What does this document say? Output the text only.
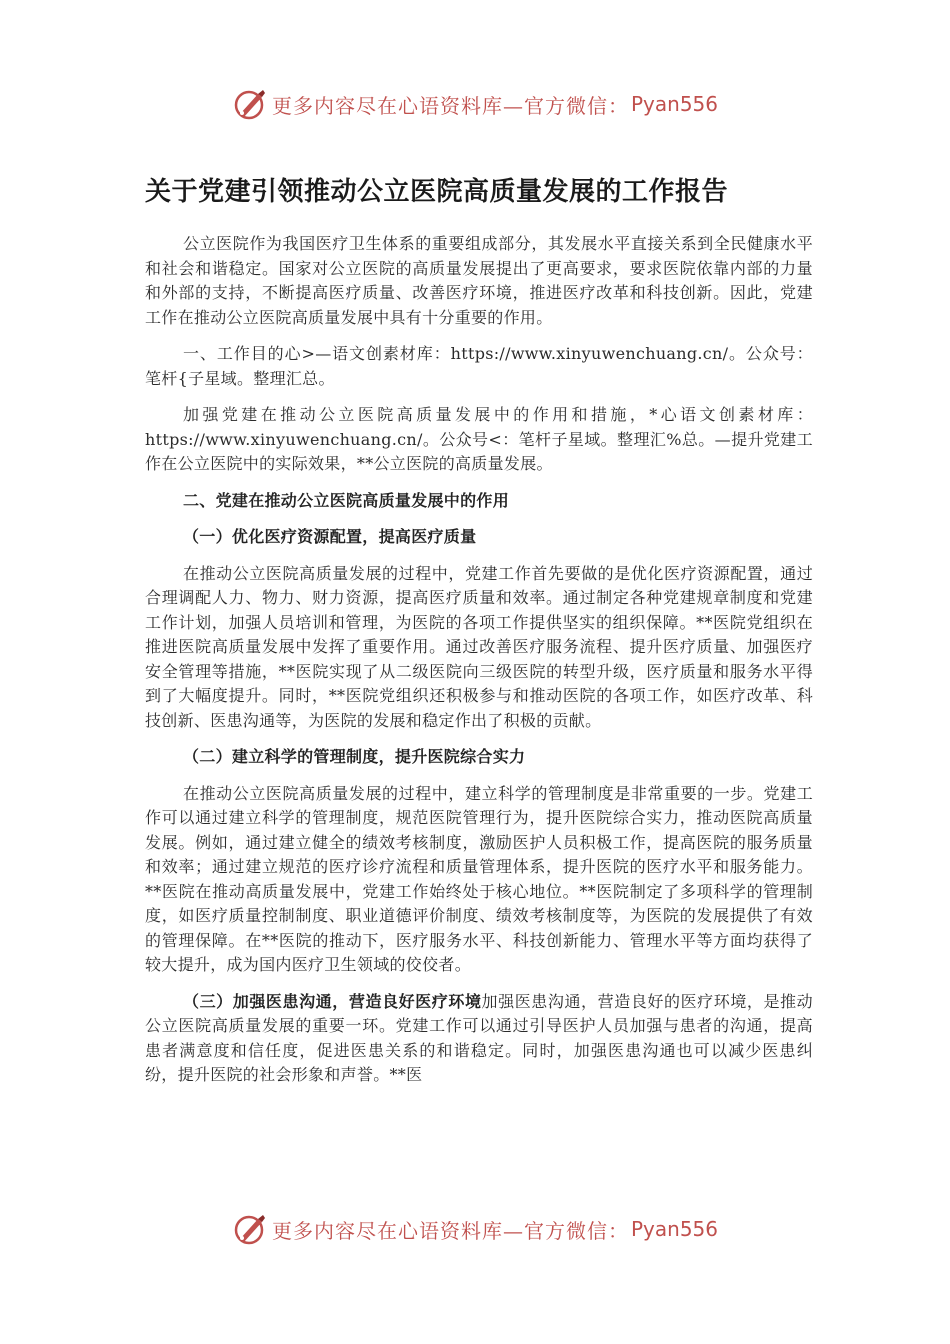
更多内容尽在心语资料库—官方微信： Pyan556
关于党建引领推动公立医院高质量发展的工作报告

公立医院作为我国医疗卫生体系的重要组成部分，其发展水平直接关系到全民健康水平和社会和谐稳定。国家对公立医院的高质量发展提出了更高要求，要求医院依靠内部的力量和外部的支持，不断提高医疗质量、改善医疗环境，推进医疗改革和科技创新。因此，党建工作在推动公立医院高质量发展中具有十分重要的作用。

一、工作目的心>—语文创素材库：https://www.xinyuwenchuang.cn/。公众号：笔杆{子星域。整理汇总。

加强党建在推动公立医院高质量发展中的作用和措施，*心语文创素材库：https://www.xinyuwenchuang.cn/。公众号<：笔杆子星域。整理汇%总。—提升党建工作在公立医院中的实际效果，**公立医院的高质量发展。

二、党建在推动公立医院高质量发展中的作用

（一）优化医疗资源配置，提高医疗质量

在推动公立医院高质量发展的过程中，党建工作首先要做的是优化医疗资源配置，通过合理调配人力、物力、财力资源，提高医疗质量和效率。通过制定各种党建规章制度和党建工作计划，加强人员培训和管理，为医院的各项工作提供坚实的组织保障。**医院党组织在推进医院高质量发展中发挥了重要作用。通过改善医疗服务流程、提升医疗质量、加强医疗安全管理等措施，**医院实现了从二级医院向三级医院的转型升级，医疗质量和服务水平得到了大幅度提升。同时，**医院党组织还积极参与和推动医院的各项工作，如医疗改革、科技创新、医患沟通等，为医院的发展和稳定作出了积极的贡献。

（二）建立科学的管理制度，提升医院综合实力

在推动公立医院高质量发展的过程中，建立科学的管理制度是非常重要的一步。党建工作可以通过建立科学的管理制度，规范医院管理行为，提升医院综合实力，推动医院高质量发展。例如，通过建立健全的绩效考核制度，激励医护人员积极工作，提高医院的服务质量和效率；通过建立规范的医疗诊疗流程和质量管理体系，提升医院的医疗水平和服务能力。**医院在推动高质量发展中，党建工作始终处于核心地位。**医院制定了多项科学的管理制度，如医疗质量控制制度、职业道德评价制度、绩效考核制度等，为医院的发展提供了有效的管理保障。在**医院的推动下，医疗服务水平、科技创新能力、管理水平等方面均获得了较大提升，成为国内医疗卫生领域的佼佼者。

（三）加强医患沟通，营造良好医疗环境加强医患沟通，营造良好的医疗环境，是推动公立医院高质量发展的重要一环。党建工作可以通过引导医护人员加强与患者的沟通，提高患者满意度和信任度，促进医患关系的和谐稳定。同时，加强医患沟通也可以减少医患纠纷，提升医院的社会形象和声誉。**医

更多内容尽在心语资料库—官方微信： Pyan556
